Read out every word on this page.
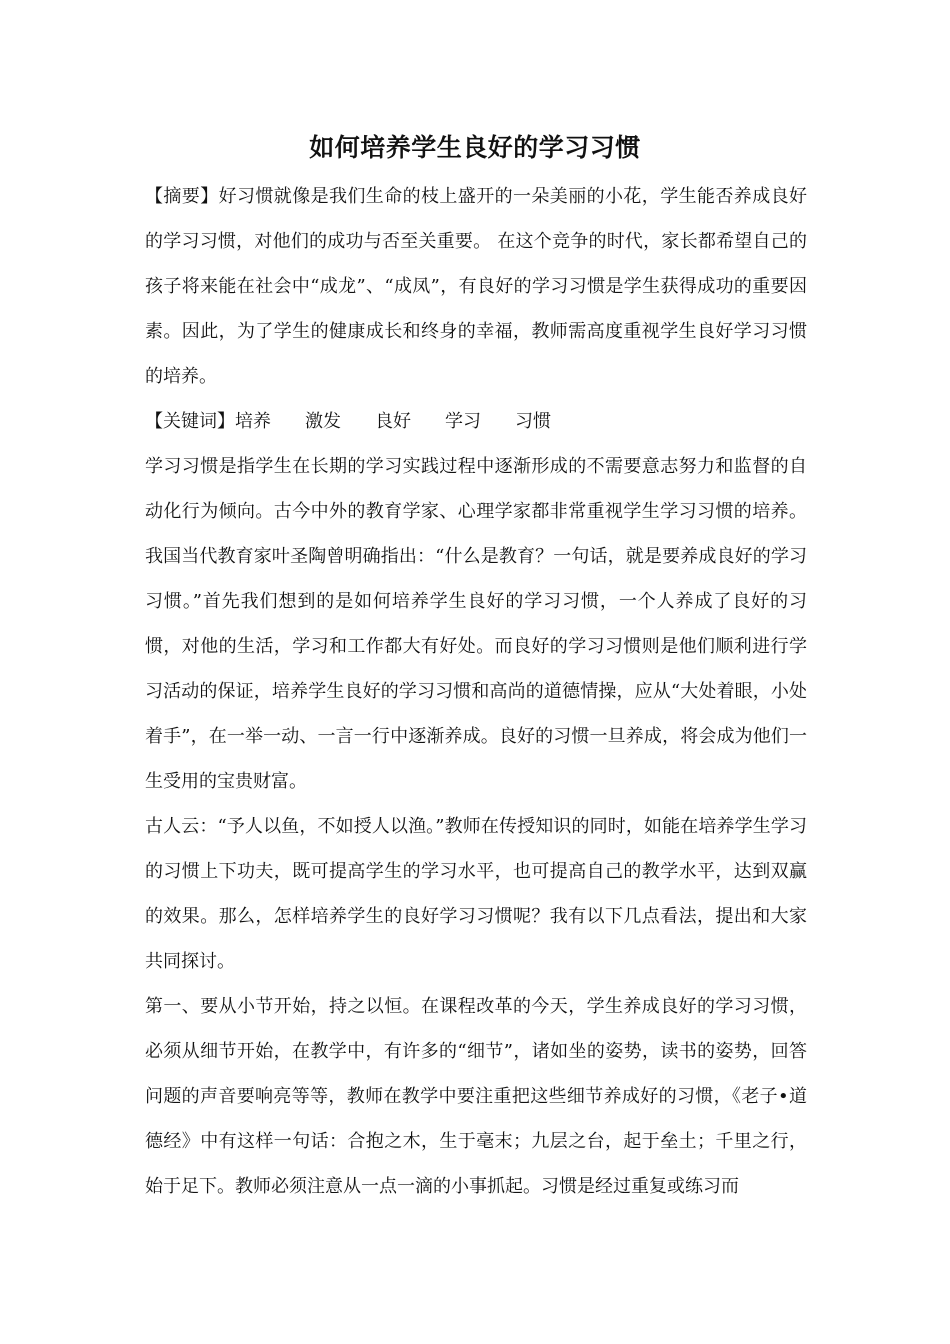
如何培养学生良好的学习习惯

【摘要】好习惯就像是我们生命的枝上盛开的一朵美丽的小花，学生能否养成良好的学习习惯，对他们的成功与否至关重要。 在这个竞争的时代，家长都希望自己的孩子将来能在社会中“成龙”、“成凤”，有良好的学习习惯是学生获得成功的重要因素。因此，为了学生的健康成长和终身的幸福，教师需高度重视学生良好学习习惯的培养。

【关键词】培养 激发 良好 学习 习惯

学习习惯是指学生在长期的学习实践过程中逐渐形成的不需要意志努力和监督的自动化行为倾向。古今中外的教育学家、心理学家都非常重视学生学习习惯的培养。我国当代教育家叶圣陶曾明确指出：“什么是教育？一句话，就是要养成良好的学习习惯。”首先我们想到的是如何培养学生良好的学习习惯，一个人养成了良好的习惯，对他的生活，学习和工作都大有好处。而良好的学习习惯则是他们顺利进行学习活动的保证，培养学生良好的学习习惯和高尚的道德情操，应从“大处着眼，小处着手”，在一举一动、一言一行中逐渐养成。良好的习惯一旦养成，将会成为他们一生受用的宝贵财富。

古人云：“予人以鱼，不如授人以渔。”教师在传授知识的同时，如能在培养学生学习的习惯上下功夫，既可提高学生的学习水平，也可提高自己的教学水平，达到双赢的效果。那么，怎样培养学生的良好学习习惯呢？我有以下几点看法，提出和大家共同探讨。

第一、要从小节开始，持之以恒。在课程改革的今天，学生养成良好的学习习惯，必须从细节开始，在教学中，有许多的“细节”，诸如坐的姿势，读书的姿势，回答问题的声音要响亮等等，教师在教学中要注重把这些细节养成好的习惯，《老子•道德经》中有这样一句话：合抱之木，生于毫末；九层之台，起于垒土；千里之行，始于足下。教师必须注意从一点一滴的小事抓起。习惯是经过重复或练习而
